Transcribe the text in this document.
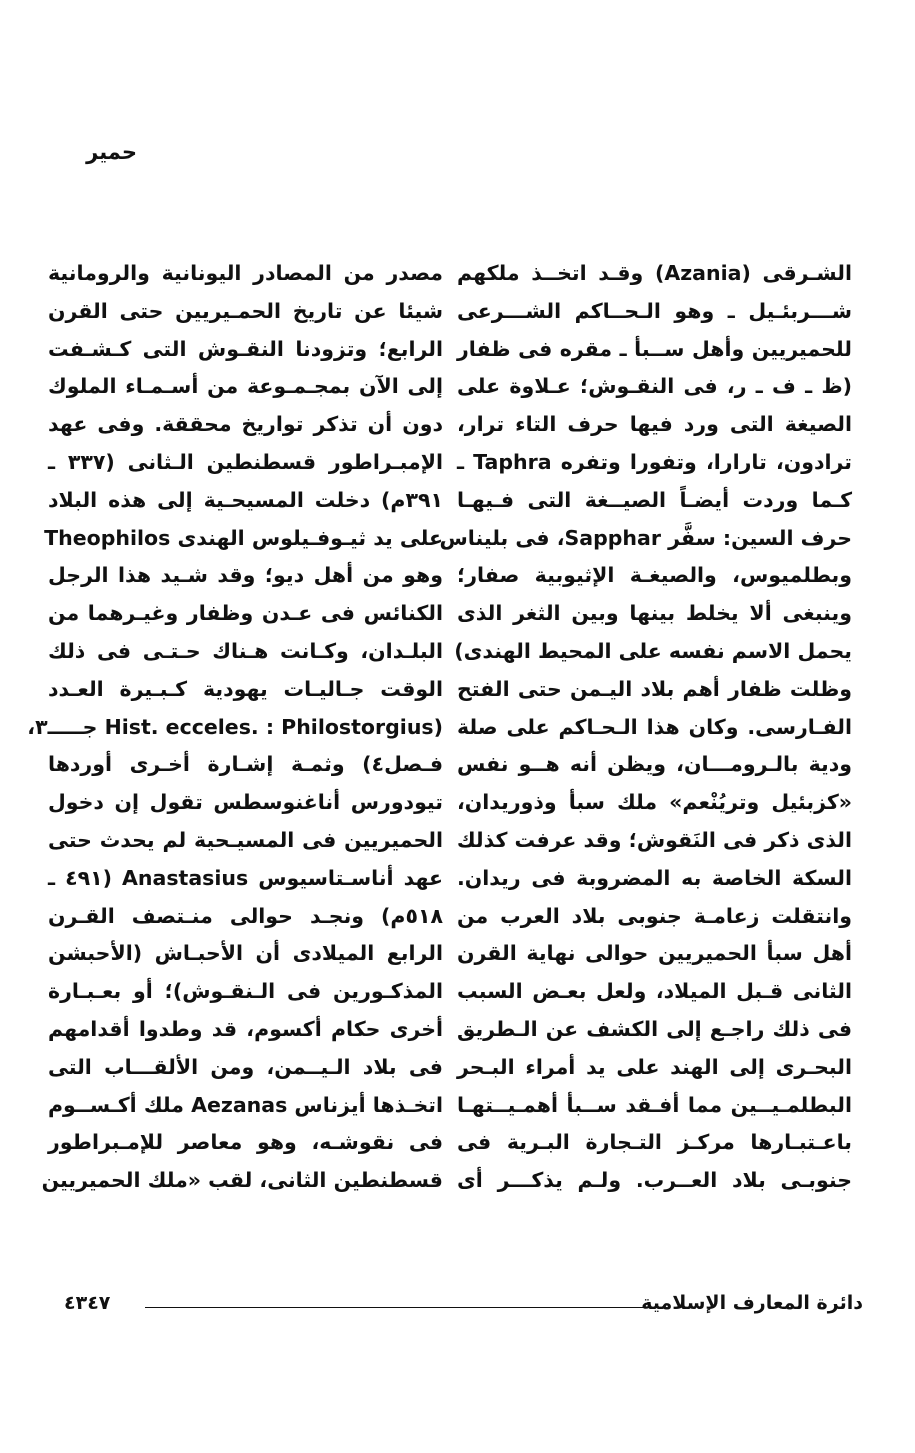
حمير
الشـرقى (Azania) وقـد اتخــذ ملكهم
شـــربئـيل ـ وهو الـحــاكم الشـــرعى
للحميريين وأهل ســبأ ـ مقره فى ظفار
(ظ ـ ف ـ ر، فى النقـوش؛ عـلاوة على
الصيغة التى ورد فيها حرف التاء ترار،
ترادون، تارارا، وتفورا وتفره Taphra ـ
كـما وردت أيضـاً الصيــغة التى فـيهـا
حرف السين: سفَّر Sapphar، فى بليناس
وبطلميوس، والصيغـة الإثيوبية صفار؛
وينبغى ألا يخلط بينها وبين الثغر الذى
يحمل الاسم نفسه على المحيط الهندى)
وظلت ظفار أهم بلاد اليـمن حتى الفتح
الفـارسى. وكان هذا الـحـاكم على صلة
ودية بالـرومـــان، ويظن أنه هــو نفس
«كزبئيل وتريُنْعم» ملك سبأ وذوريدان،
الذى ذكر فى النَقوش؛ وقد عرفت كذلك
السكة الخاصة به المضروبة فى ريدان.
وانتقلت زعامـة جنوبى بلاد العرب من
أهل سبأ الحميريين حوالى نهاية القرن
الثانى قـبل الميلاد، ولعل بعـض السبب
فى ذلك راجـع إلى الكشف عن الـطريق
البحـرى إلى الهند على يد أمراء البـحر
البطلمـيــين مما أفـقد ســبأ أهمـيــتهـا
باعـتبـارها مركـز التـجارة البـرية فى
جنوبـى بلاد العــرب. ولـم يذكـــر أى
مصدر من المصادر اليونانية والرومانية
شيئا عن تاريخ الحمـيريين حتى القرن
الرابع؛ وتزودنا النقـوش التى كـشـفت
إلى الآن بمجـمـوعة من أسـمـاء الملوك
دون أن تذكر تواريخ محققة. وفى عهد
الإمبـراطور قسطنطين الـثانى (٣٣٧ ـ
٣٩١م) دخلت المسيحـية إلى هذه البلاد
على يد ثيـوفـيلوس الهندى Theophilos
وهو من أهل ديو؛ وقد شـيد هذا الرجل
الكنائس فى عـدن وظفار وغيـرهما من
البلـدان، وكـانت هـناك حـتـى فى ذلك
الوقت جـاليـات يهودية كـبـيرة العـدد
(Hist. ecceles. : Philostorgius جـــــ٣،
فـصل٤) وثمـة إشـارة أخـرى أوردها
تيودورس أناغنوسطس تقول إن دخول
الحميريين فى المسيـحية لم يحدث حتى
عهد أناسـتاسيوس Anastasius (٤٩١ ـ
٥١٨م) ونجـد حوالى منـتصف القـرن
الرابع الميلادى أن الأحبـاش (الأحبشن
المذكـورين فى الـنقـوش)؛ أو بعـبـارة
أخرى حكام أكسوم، قد وطدوا أقدامهم
فى بلاد الـيــمن، ومن الألقـــاب التى
اتخـذها أيزناس Aezanas ملك أكـســوم
فى نقوشـه، وهو معاصر للإمـبراطور
قسطنطين الثانى، لقب «ملك الحميريين
دائرة المعارف الإسلامية
٤٣٤٧
